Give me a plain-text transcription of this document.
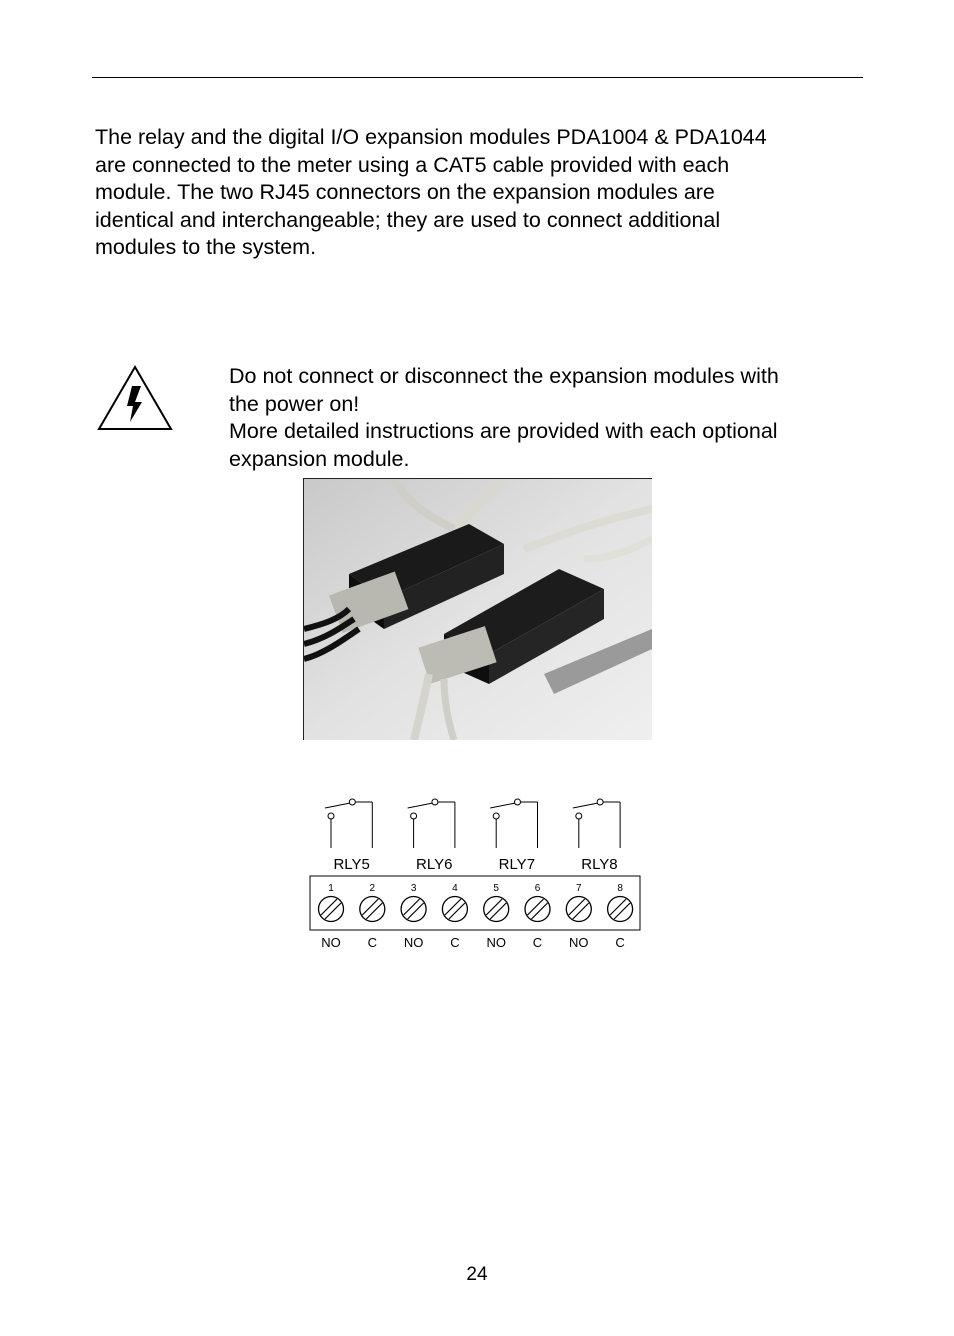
The relay and the digital I/O expansion modules PDA1004 & PDA1044
are connected to the meter using a CAT5 cable provided with each
module. The two RJ45 connectors on the expansion modules are
identical and interchangeable; they are used to connect additional
modules to the system.
Do not connect or disconnect the expansion modules with
the power on!
More detailed instructions are provided with each optional
expansion module.
RLY5	RLY6	RLY7	RLY8
1
NO
2
C
3
NO
4
C
5
NO
6
C
7
NO
8
C
24
